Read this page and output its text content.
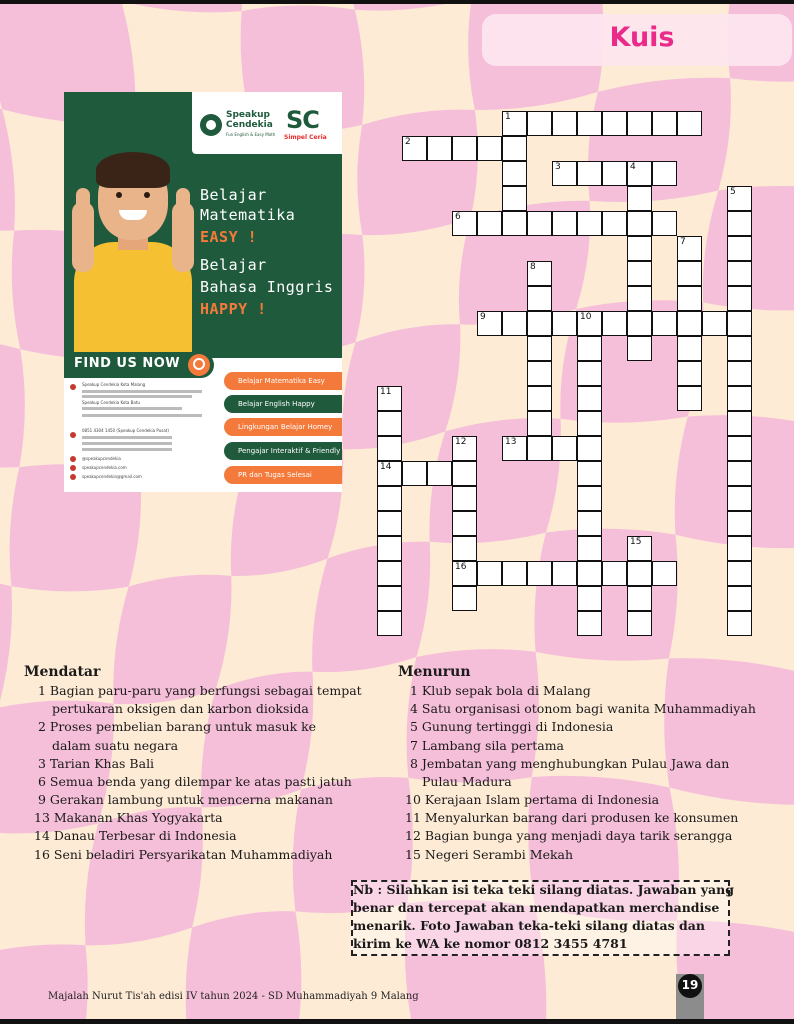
Kuis
Speakup Cendekia
Fun English & Easy Math
SC
Simpel Ceria
Belajar
Matematika
EASY !
Belajar
Bahasa Inggris
HAPPY !
FIND US NOW
Belajar Matematika Easy
Belajar English Happy
Lingkungan Belajar Homey
Pengajar Interaktif & Friendly
PR dan Tugas Selesai
Speakup Cendekia Kota Malang
Speakup Cendekia Kota Batu
0851 4304 1450 (Speakup Cendekia Pusat)
@speakupcendekia
speakupcendekia.com
speakupcendekia@gmail.com
1
2
3	4
5
6
7
8
9	10
11
12	13
14
15
16
Mendatar
1 Bagian paru-paru yang berfungsi sebagai tempat
pertukaran oksigen dan karbon dioksida
2 Proses pembelian barang untuk masuk ke
dalam suatu negara
3 Tarian Khas Bali
6 Semua benda yang dilempar ke atas pasti jatuh
9 Gerakan lambung untuk mencerna makanan
13 Makanan Khas Yogyakarta
14 Danau Terbesar di Indonesia
16 Seni beladiri Persyarikatan Muhammadiyah
Menurun
1 Klub sepak bola di Malang
4 Satu organisasi otonom bagi wanita Muhammadiyah
5 Gunung tertinggi di Indonesia
7 Lambang sila pertama
8 Jembatan yang menghubungkan Pulau Jawa dan
Pulau Madura
10 Kerajaan Islam pertama di Indonesia
11 Menyalurkan barang dari produsen ke konsumen
12 Bagian bunga yang menjadi daya tarik serangga
15 Negeri Serambi Mekah
Nb : Silahkan isi teka teki silang diatas. Jawaban yang
benar dan tercepat akan mendapatkan merchandise
menarik. Foto Jawaban teka-teki silang diatas dan
kirim ke WA ke nomor 0812 3455 4781
Majalah Nurut Tis'ah edisi IV tahun 2024 - SD Muhammadiyah 9 Malang
19
